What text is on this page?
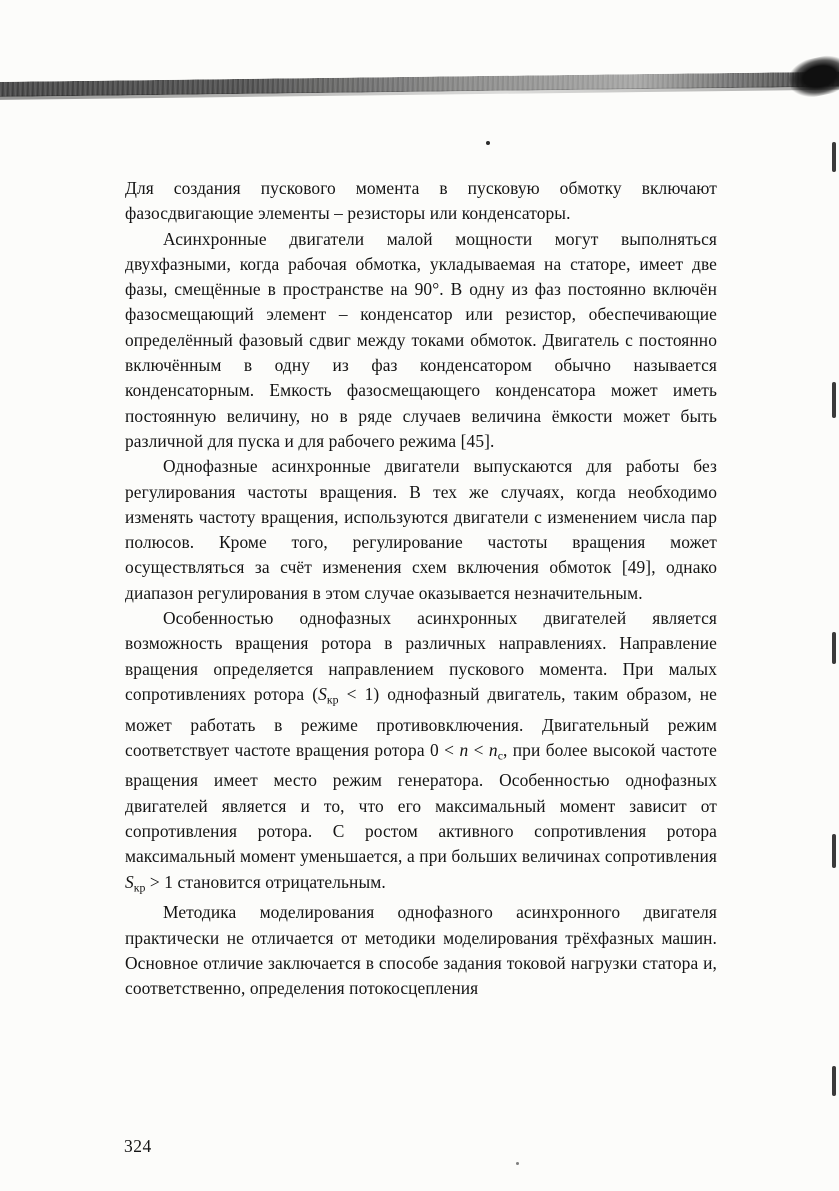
Для создания пускового момента в пусковую обмотку включают фазосдвигающие элементы – резисторы или конденсаторы.

Асинхронные двигатели малой мощности могут выполняться двухфазными, когда рабочая обмотка, укладываемая на статоре, имеет две фазы, смещённые в пространстве на 90°. В одну из фаз постоянно включён фазосмещающий элемент – конденсатор или резистор, обеспечивающие определённый фазовый сдвиг между токами обмоток. Двигатель с постоянно включённым в одну из фаз конденсатором обычно называется конденсаторным. Емкость фазосмещающего конденсатора может иметь постоянную величину, но в ряде случаев величина ёмкости может быть различной для пуска и для рабочего режима [45].

Однофазные асинхронные двигатели выпускаются для работы без регулирования частоты вращения. В тех же случаях, когда необходимо изменять частоту вращения, используются двигатели с изменением числа пар полюсов. Кроме того, регулирование частоты вращения может осуществляться за счёт изменения схем включения обмоток [49], однако диапазон регулирования в этом случае оказывается незначительным.

Особенностью однофазных асинхронных двигателей является возможность вращения ротора в различных направлениях. Направление вращения определяется направлением пускового момента. При малых сопротивлениях ротора $(S_{кр} < 1)$ однофазный двигатель, таким образом, не может работать в режиме противовключения. Двигательный режим соответствует частоте вращения ротора $0 < n < n_с$, при более высокой частоте вращения имеет место режим генератора. Особенностью однофазных двигателей является и то, что его максимальный момент зависит от сопротивления ротора. С ростом активного сопротивления ротора максимальный момент уменьшается, а при больших величинах сопротивления $S_{кр} > 1$ становится отрицательным.

Методика моделирования однофазного асинхронного двигателя практически не отличается от методики моделирования трёхфазных машин. Основное отличие заключается в способе задания токовой нагрузки статора и, соответственно, определения потокосцепления

324
